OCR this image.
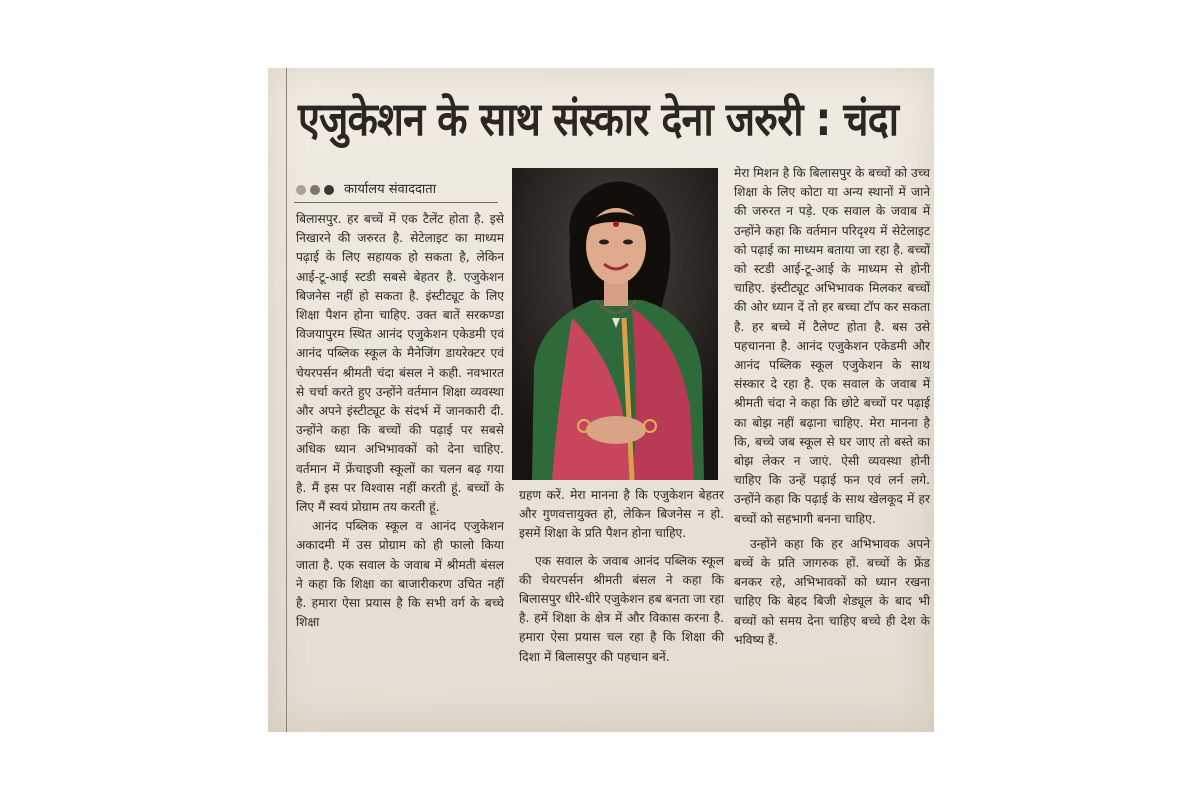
एजुकेशन के साथ संस्कार देना जरुरी : चंदा
कार्यालय संवाददाता

बिलासपुर. हर बच्चें में एक टैलेंट होता है. इसे निखारने की जरुरत है. सेटेलाइट का माध्यम पढ़ाई के लिए सहायक हो सकता है, लेकिन आई-टू-आई स्टडी सबसे बेहतर है. एजुकेशन बिजनेस नहीं हो सकता है. इंस्टीट्यूट के लिए शिक्षा पैशन होना चाहिए. उक्त बातें सरकण्डा विजयापुरम स्थित आनंद एजुकेशन एकेडमी एवं आनंद पब्लिक स्कूल के मैनेजिंग डायरेक्टर एवं चेयरपर्सन श्रीमती चंदा बंसल ने कही. नवभारत से चर्चा करते हुए उन्होंने वर्तमान शिक्षा व्यवस्था और अपने इंस्टीट्यूट के संदर्भ में जानकारी दी. उन्होंने कहा कि बच्चों की पढ़ाई पर सबसे अधिक ध्यान अभिभावकों को देना चाहिए. वर्तमान में फ्रेंचाइजी स्कूलों का चलन बढ़ गया है. मैं इस पर विश्वास नहीं करती हूं. बच्चों के लिए मैं स्वयं प्रोग्राम तय करती हूं.

आनंद पब्लिक स्कूल व आनंद एजुकेशन अकादमी में उस प्रोग्राम को ही फालो किया जाता है. एक सवाल के जवाब में श्रीमती बंसल ने कहा कि शिक्षा का बाजारीकरण उचित नहीं है. हमारा ऐसा प्रयास है कि सभी वर्ग के बच्चे शिक्षा

ग्रहण करें. मेरा मानना है कि एजुकेशन बेहतर और गुणवत्तायुक्त हो, लेकिन बिजनेस न हो. इसमें शिक्षा के प्रति पैशन होना चाहिए.

एक सवाल के जवाब आनंद पब्लिक स्कूल की चेयरपर्सन श्रीमती बंसल ने कहा कि बिलासपुर धीरे-धीरे एजुकेशन हब बनता जा रहा है. हमें शिक्षा के क्षेत्र में और विकास करना है. हमारा ऐसा प्रयास चल रहा है कि शिक्षा की दिशा में बिलासपुर की पहचान बनें.

मेरा मिशन है कि बिलासपुर के बच्चों को उच्च शिक्षा के लिए कोटा या अन्य स्थानों में जाने की जरुरत न पड़े. एक सवाल के जवाब में उन्होंने कहा कि वर्तमान परिदृश्य में सेटेलाइट को पढ़ाई का माध्यम बताया जा रहा है. बच्चों को स्टडी आई-टू-आई के माध्यम से होनी चाहिए. इंस्टीट्यूट अभिभावक मिलकर बच्चों की ओर ध्यान दें तो हर बच्चा टॉप कर सकता है. हर बच्चे में टैलेण्ट होता है. बस उसे पहचानना है. आनंद एजुकेशन एकेडमी और आनंद पब्लिक स्कूल एजुकेशन के साथ संस्कार दे रहा है. एक सवाल के जवाब में श्रीमती चंदा ने कहा कि छोटे बच्चों पर पढ़ाई का बोझ नहीं बढ़ाना चाहिए. मेरा मानना है कि, बच्चे जब स्कूल से घर जाए तो बस्ते का बोझ लेकर न जाएं. ऐसी व्यवस्था होनी चाहिए कि उन्हें पढ़ाई फन एवं लर्न लगे. उन्होंने कहा कि पढ़ाई के साथ खेलकूद में हर बच्चों को सहभागी बनना चाहिए.

उन्होंने कहा कि हर अभिभावक अपने बच्चें के प्रति जागरुक हों. बच्चों के फ्रेंड बनकर रहे, अभिभावकों को ध्यान रखना चाहिए कि बेहद बिजी शेड्यूल के बाद भी बच्चों को समय देना चाहिए बच्चे ही देश के भविष्य हैं.
